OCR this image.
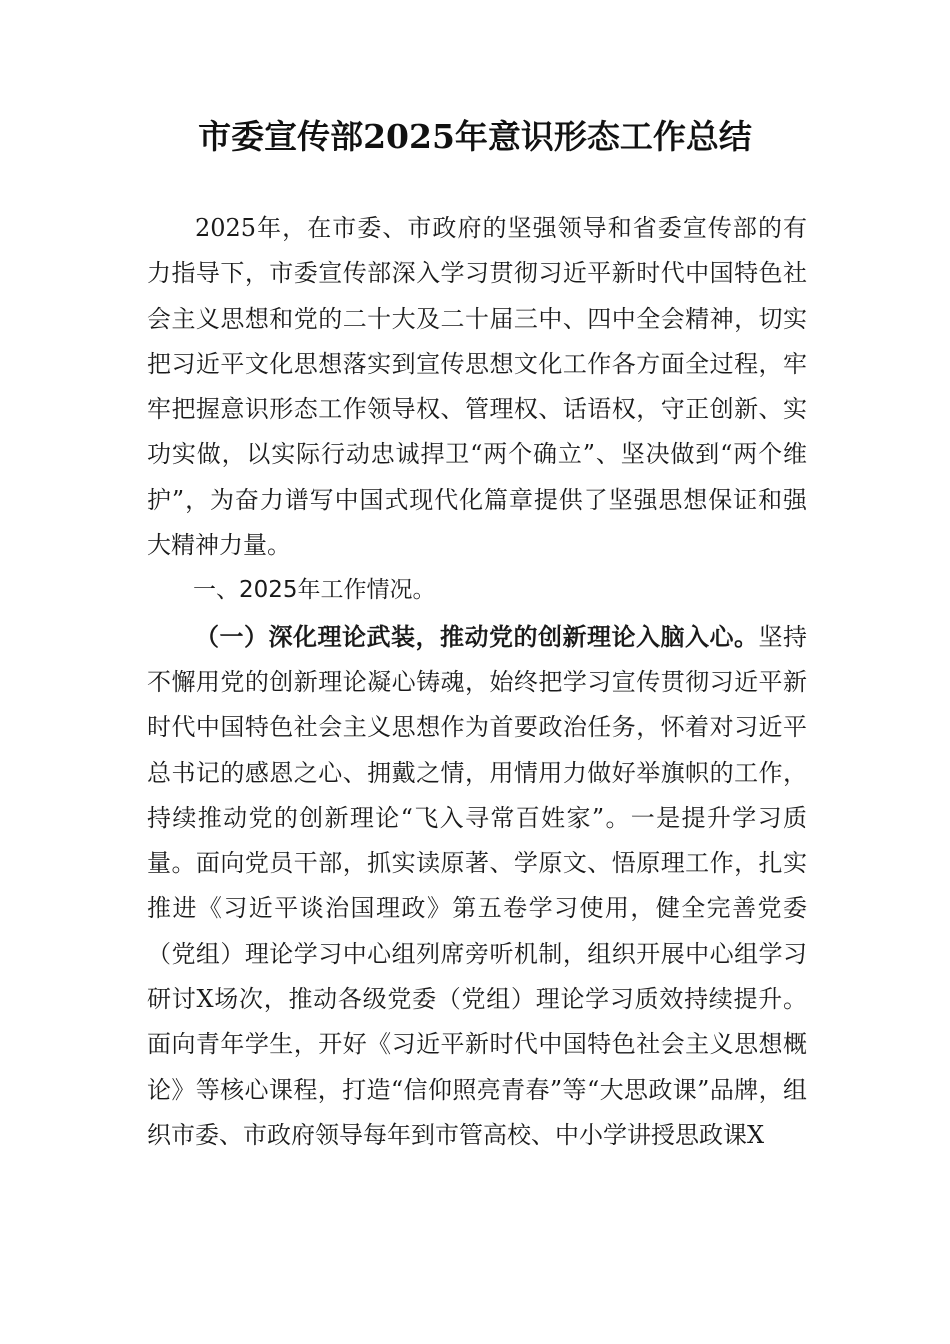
市委宣传部2025年意识形态工作总结

2025年，在市委、市政府的坚强领导和省委宣传部的有力指导下，市委宣传部深入学习贯彻习近平新时代中国特色社会主义思想和党的二十大及二十届三中、四中全会精神，切实把习近平文化思想落实到宣传思想文化工作各方面全过程，牢牢把握意识形态工作领导权、管理权、话语权，守正创新、实功实做，以实际行动忠诚捍卫“两个确立”、坚决做到“两个维护”，为奋力谱写中国式现代化篇章提供了坚强思想保证和强大精神力量。

一、2025年工作情况。

（一）深化理论武装，推动党的创新理论入脑入心。坚持不懈用党的创新理论凝心铸魂，始终把学习宣传贯彻习近平新时代中国特色社会主义思想作为首要政治任务，怀着对习近平总书记的感恩之心、拥戴之情，用情用力做好举旗帜的工作，持续推动党的创新理论“飞入寻常百姓家”。一是提升学习质量。面向党员干部，抓实读原著、学原文、悟原理工作，扎实推进《习近平谈治国理政》第五卷学习使用，健全完善党委（党组）理论学习中心组列席旁听机制，组织开展中心组学习研讨X场次，推动各级党委（党组）理论学习质效持续提升。面向青年学生，开好《习近平新时代中国特色社会主义思想概论》等核心课程，打造“信仰照亮青春”等“大思政课”品牌，组织市委、市政府领导每年到市管高校、中小学讲授思政课X
